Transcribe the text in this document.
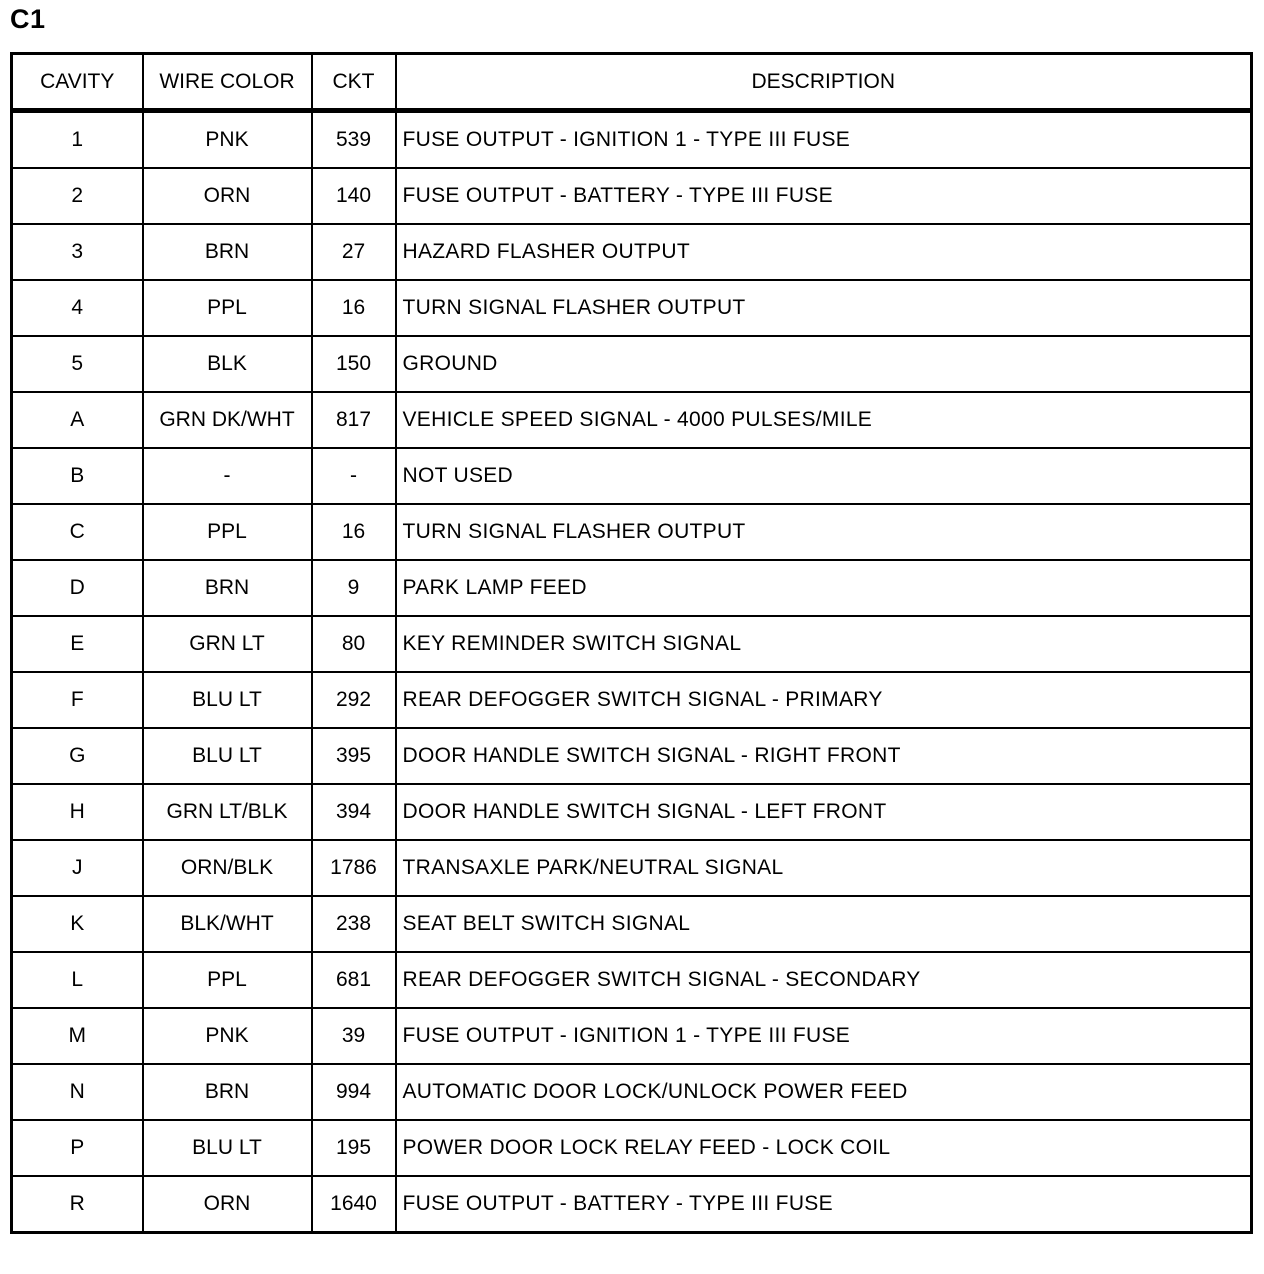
C1
CAVITY	WIRE COLOR	CKT	DESCRIPTION
1	PNK	539	FUSE OUTPUT - IGNITION 1 - TYPE III FUSE
2	ORN	140	FUSE OUTPUT - BATTERY - TYPE III FUSE
3	BRN	27	HAZARD FLASHER OUTPUT
4	PPL	16	TURN SIGNAL FLASHER OUTPUT
5	BLK	150	GROUND
A	GRN DK/WHT	817	VEHICLE SPEED SIGNAL - 4000 PULSES/MILE
B	-	-	NOT USED
C	PPL	16	TURN SIGNAL FLASHER OUTPUT
D	BRN	9	PARK LAMP FEED
E	GRN LT	80	KEY REMINDER SWITCH SIGNAL
F	BLU LT	292	REAR DEFOGGER SWITCH SIGNAL - PRIMARY
G	BLU LT	395	DOOR HANDLE SWITCH SIGNAL - RIGHT FRONT
H	GRN LT/BLK	394	DOOR HANDLE SWITCH SIGNAL - LEFT FRONT
J	ORN/BLK	1786	TRANSAXLE PARK/NEUTRAL SIGNAL
K	BLK/WHT	238	SEAT BELT SWITCH SIGNAL
L	PPL	681	REAR DEFOGGER SWITCH SIGNAL - SECONDARY
M	PNK	39	FUSE OUTPUT - IGNITION 1 - TYPE III FUSE
N	BRN	994	AUTOMATIC DOOR LOCK/UNLOCK POWER FEED
P	BLU LT	195	POWER DOOR LOCK RELAY FEED - LOCK COIL
R	ORN	1640	FUSE OUTPUT - BATTERY - TYPE III FUSE
